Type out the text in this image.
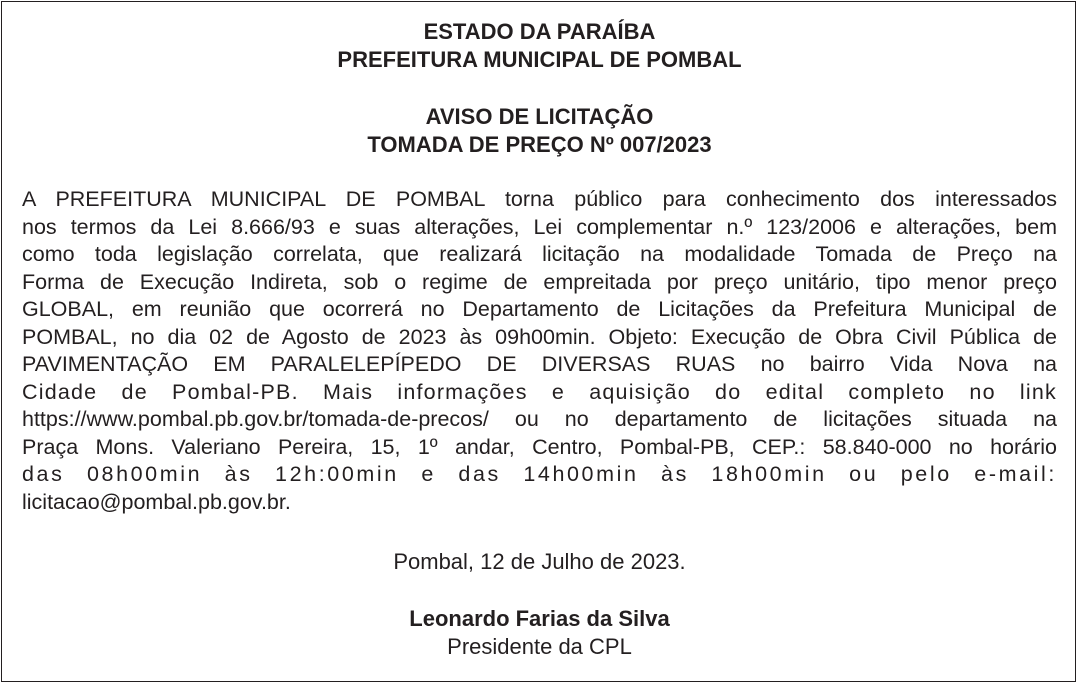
ESTADO DA PARAÍBA
PREFEITURA MUNICIPAL DE POMBAL
AVISO DE LICITAÇÃO
TOMADA DE PREÇO Nº 007/2023
A PREFEITURA MUNICIPAL DE POMBAL torna público para conhecimento dos interessados
nos termos da Lei 8.666/93 e suas alterações, Lei complementar n.º 123/2006 e alterações, bem
como toda legislação correlata, que realizará licitação na modalidade Tomada de Preço na
Forma de Execução Indireta, sob o regime de empreitada por preço unitário, tipo menor preço
GLOBAL, em reunião que ocorrerá no Departamento de Licitações da Prefeitura Municipal de
POMBAL, no dia 02 de Agosto de 2023 às 09h00min. Objeto: Execução de Obra Civil Pública de
PAVIMENTAÇÃO EM PARALELEPÍPEDO DE DIVERSAS RUAS no bairro Vida Nova na
Cidade de Pombal-PB. Mais informações e aquisição do edital completo no link
https://www.pombal.pb.gov.br/tomada-de-precos/ ou no departamento de licitações situada na
Praça Mons. Valeriano Pereira, 15, 1º andar, Centro, Pombal-PB, CEP.: 58.840-000 no horário
das 08h00min às 12h:00min e das 14h00min às 18h00min ou pelo e-mail:
licitacao@pombal.pb.gov.br.
Pombal, 12 de Julho de 2023.
Leonardo Farias da Silva
Presidente da CPL
